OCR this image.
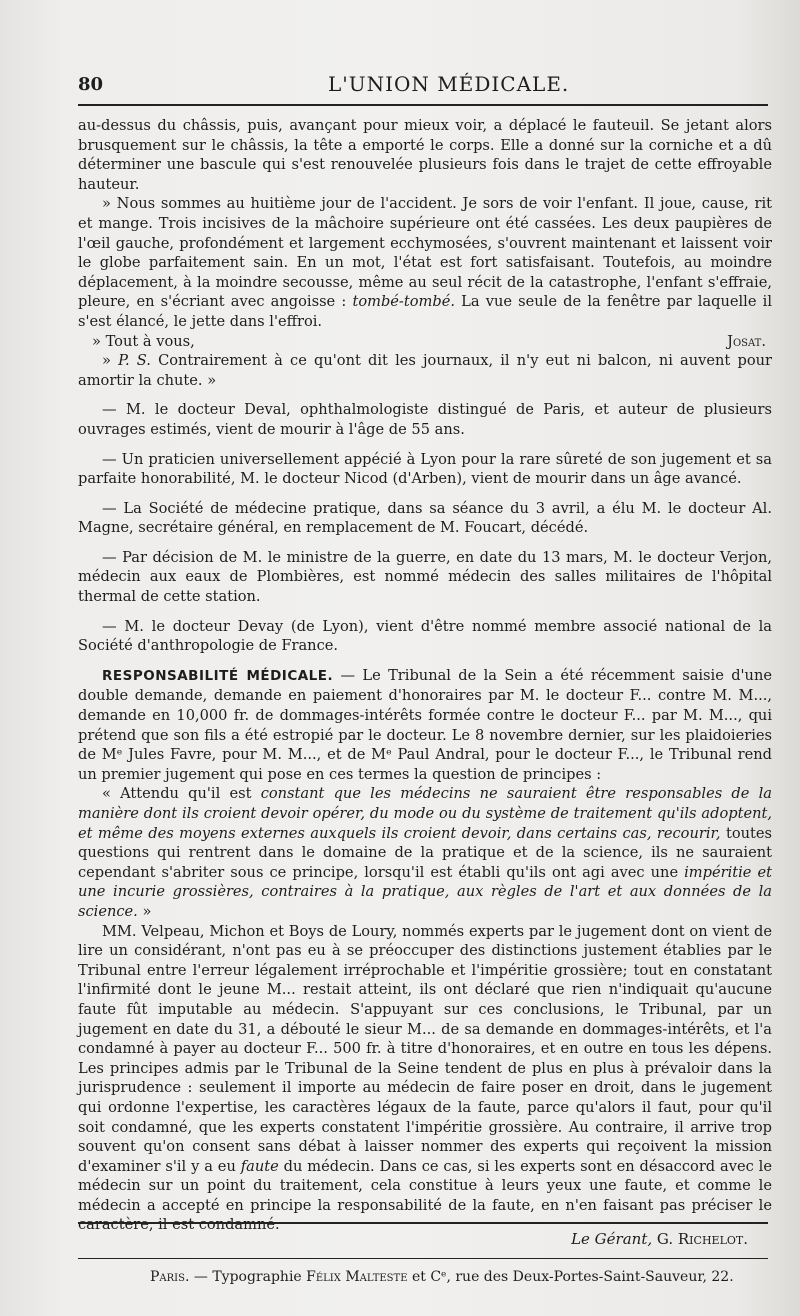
80	L'UNION MÉDICALE.

au-dessus du châssis, puis, avançant pour mieux voir, a déplacé le fauteuil. Se jetant alors brusquement sur le châssis, la tête a emporté le corps. Elle a donné sur la corniche et a dû déterminer une bascule qui s'est renouvelée plusieurs fois dans le trajet de cette effroyable hauteur.

» Nous sommes au huitième jour de l'accident. Je sors de voir l'enfant. Il joue, cause, rit et mange. Trois incisives de la mâchoire supérieure ont été cassées. Les deux paupières de l'œil gauche, profondément et largement ecchymosées, s'ouvrent maintenant et laissent voir le globe parfaitement sain. En un mot, l'état est fort satisfaisant. Toutefois, au moindre déplacement, à la moindre secousse, même au seul récit de la catastrophe, l'enfant s'effraie, pleure, en s'écriant avec angoisse : tombé-tombé. La vue seule de la fenêtre par laquelle il s'est élancé, le jette dans l'effroi.

» Tout à vous,	Josat.

» P. S. Contrairement à ce qu'ont dit les journaux, il n'y eut ni balcon, ni auvent pour amortir la chute. »

— M. le docteur Deval, ophthalmologiste distingué de Paris, et auteur de plusieurs ouvrages estimés, vient de mourir à l'âge de 55 ans.

— Un praticien universellement appécié à Lyon pour la rare sûreté de son jugement et sa parfaite honorabilité, M. le docteur Nicod (d'Arben), vient de mourir dans un âge avancé.

— La Société de médecine pratique, dans sa séance du 3 avril, a élu M. le docteur Al. Magne, secrétaire général, en remplacement de M. Foucart, décédé.

— Par décision de M. le ministre de la guerre, en date du 13 mars, M. le docteur Verjon, médecin aux eaux de Plombières, est nommé médecin des salles militaires de l'hôpital thermal de cette station.

— M. le docteur Devay (de Lyon), vient d'être nommé membre associé national de la Société d'anthropologie de France.

RESPONSABILITÉ MÉDICALE. — Le Tribunal de la Sein a été récemment saisie d'une double demande, demande en paiement d'honoraires par M. le docteur F... contre M. M..., demande en 10,000 fr. de dommages-intérêts formée contre le docteur F... par M. M..., qui prétend que son fils a été estropié par le docteur. Le 8 novembre dernier, sur les plaidoieries de Mᵉ Jules Favre, pour M. M..., et de Mᵉ Paul Andral, pour le docteur F..., le Tribunal rend un premier jugement qui pose en ces termes la question de principes :

« Attendu qu'il est constant que les médecins ne sauraient être responsables de la manière dont ils croient devoir opérer, du mode ou du système de traitement qu'ils adoptent, et même des moyens externes auxquels ils croient devoir, dans certains cas, recourir, toutes questions qui rentrent dans le domaine de la pratique et de la science, ils ne sauraient cependant s'abriter sous ce principe, lorsqu'il est établi qu'ils ont agi avec une impéritie et une incurie grossières, contraires à la pratique, aux règles de l'art et aux données de la science. »

MM. Velpeau, Michon et Boys de Loury, nommés experts par le jugement dont on vient de lire un considérant, n'ont pas eu à se préoccuper des distinctions justement établies par le Tribunal entre l'erreur légalement irréprochable et l'impéritie grossière; tout en constatant l'infirmité dont le jeune M... restait atteint, ils ont déclaré que rien n'indiquait qu'aucune faute fût imputable au médecin. S'appuyant sur ces conclusions, le Tribunal, par un jugement en date du 31, a débouté le sieur M... de sa demande en dommages-intérêts, et l'a condamné à payer au docteur F... 500 fr. à titre d'honoraires, et en outre en tous les dépens. Les principes admis par le Tribunal de la Seine tendent de plus en plus à prévaloir dans la jurisprudence : seulement il importe au médecin de faire poser en droit, dans le jugement qui ordonne l'expertise, les caractères légaux de la faute, parce qu'alors il faut, pour qu'il soit condamné, que les experts constatent l'impéritie grossière. Au contraire, il arrive trop souvent qu'on consent sans débat à laisser nommer des experts qui reçoivent la mission d'examiner s'il y a eu faute du médecin. Dans ce cas, si les experts sont en désaccord avec le médecin sur un point du traitement, cela constitue à leurs yeux une faute, et comme le médecin a accepté en principe la responsabilité de la faute, en n'en faisant pas préciser le caractère, il est condamné.

Le Gérant, G. Richelot.
Paris. — Typographie Félix Malteste et Cᵉ, rue des Deux-Portes-Saint-Sauveur, 22.
